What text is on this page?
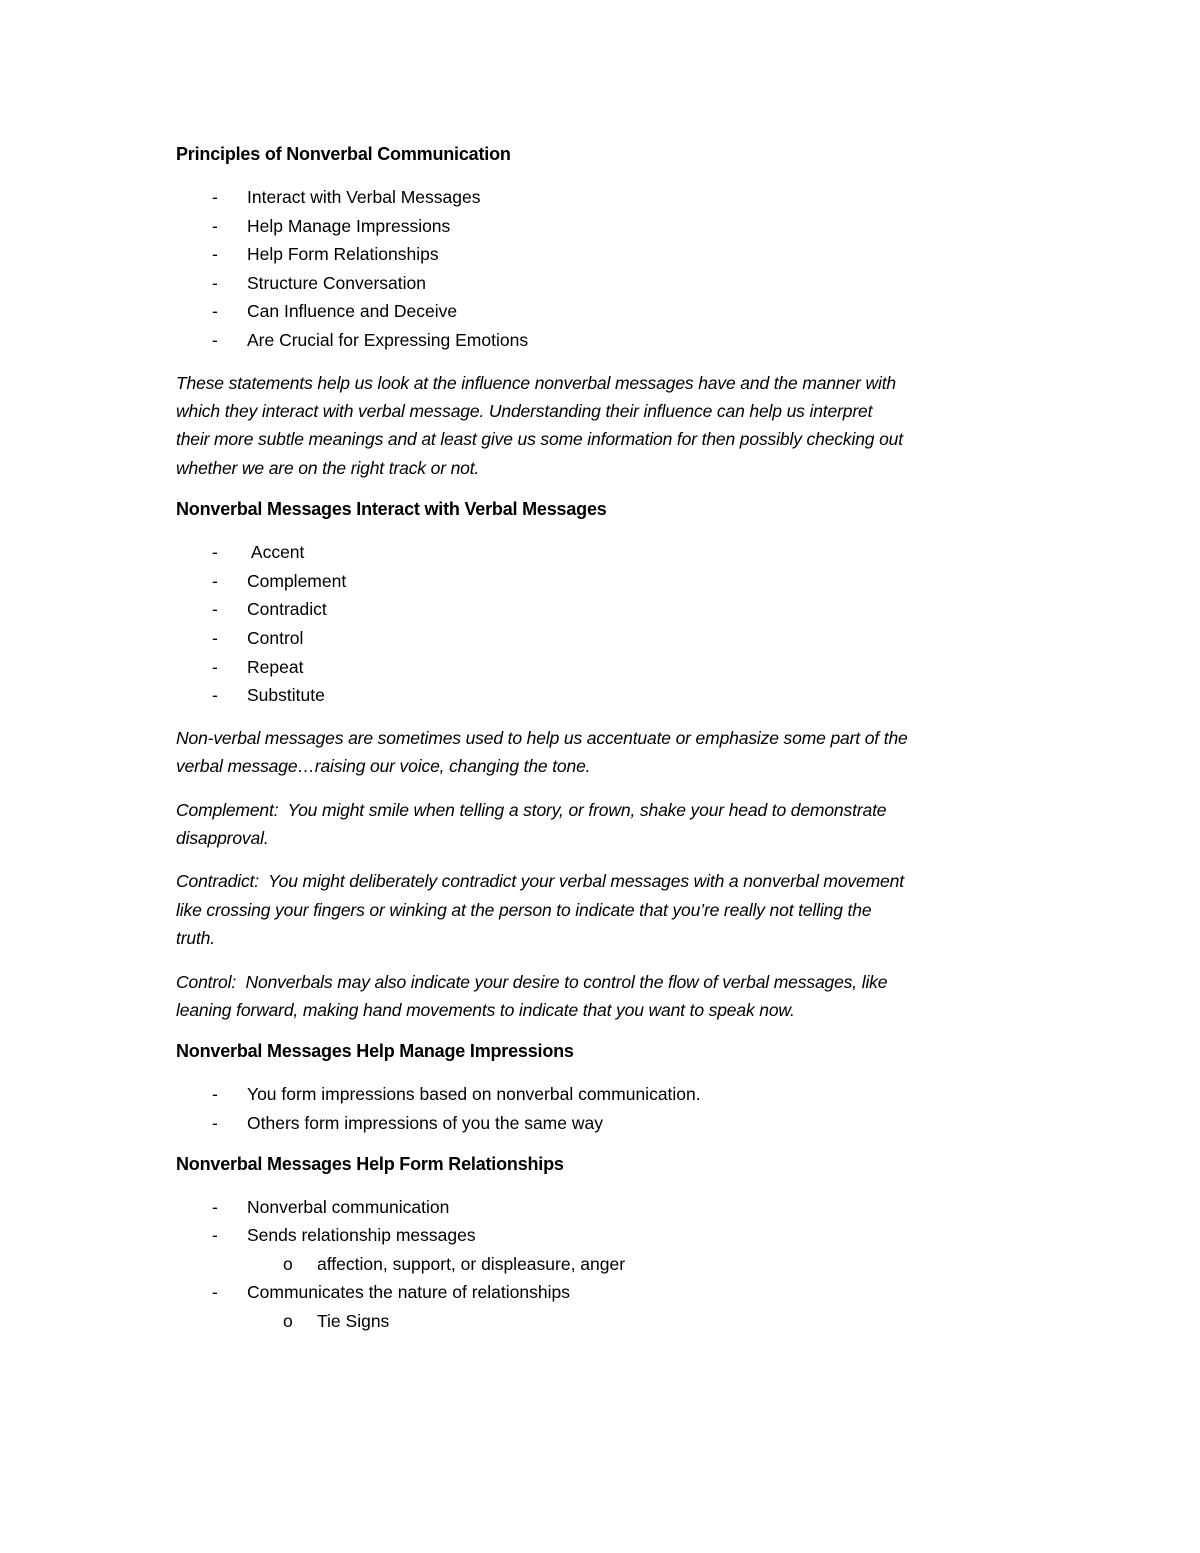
Principles of Nonverbal Communication
- Interact with Verbal Messages
- Help Manage Impressions
- Help Form Relationships
- Structure Conversation
- Can Influence and Deceive
- Are Crucial for Expressing Emotions

These statements help us look at the influence nonverbal messages have and the manner with
which they interact with verbal message. Understanding their influence can help us interpret
their more subtle meanings and at least give us some information for then possibly checking out
whether we are on the right track or not.

Nonverbal Messages Interact with Verbal Messages
- Accent
- Complement
- Contradict
- Control
- Repeat
- Substitute

Non-verbal messages are sometimes used to help us accentuate or emphasize some part of the
verbal message…raising our voice, changing the tone.

Complement:  You might smile when telling a story, or frown, shake your head to demonstrate
disapproval.

Contradict:  You might deliberately contradict your verbal messages with a nonverbal movement
like crossing your fingers or winking at the person to indicate that you’re really not telling the
truth.

Control:  Nonverbals may also indicate your desire to control the flow of verbal messages, like
leaning forward, making hand movements to indicate that you want to speak now.

Nonverbal Messages Help Manage Impressions
- You form impressions based on nonverbal communication.
- Others form impressions of you the same way
Nonverbal Messages Help Form Relationships
- Nonverbal communication
- Sends relationship messages
o affection, support, or displeasure, anger
- Communicates the nature of relationships
o Tie Signs
